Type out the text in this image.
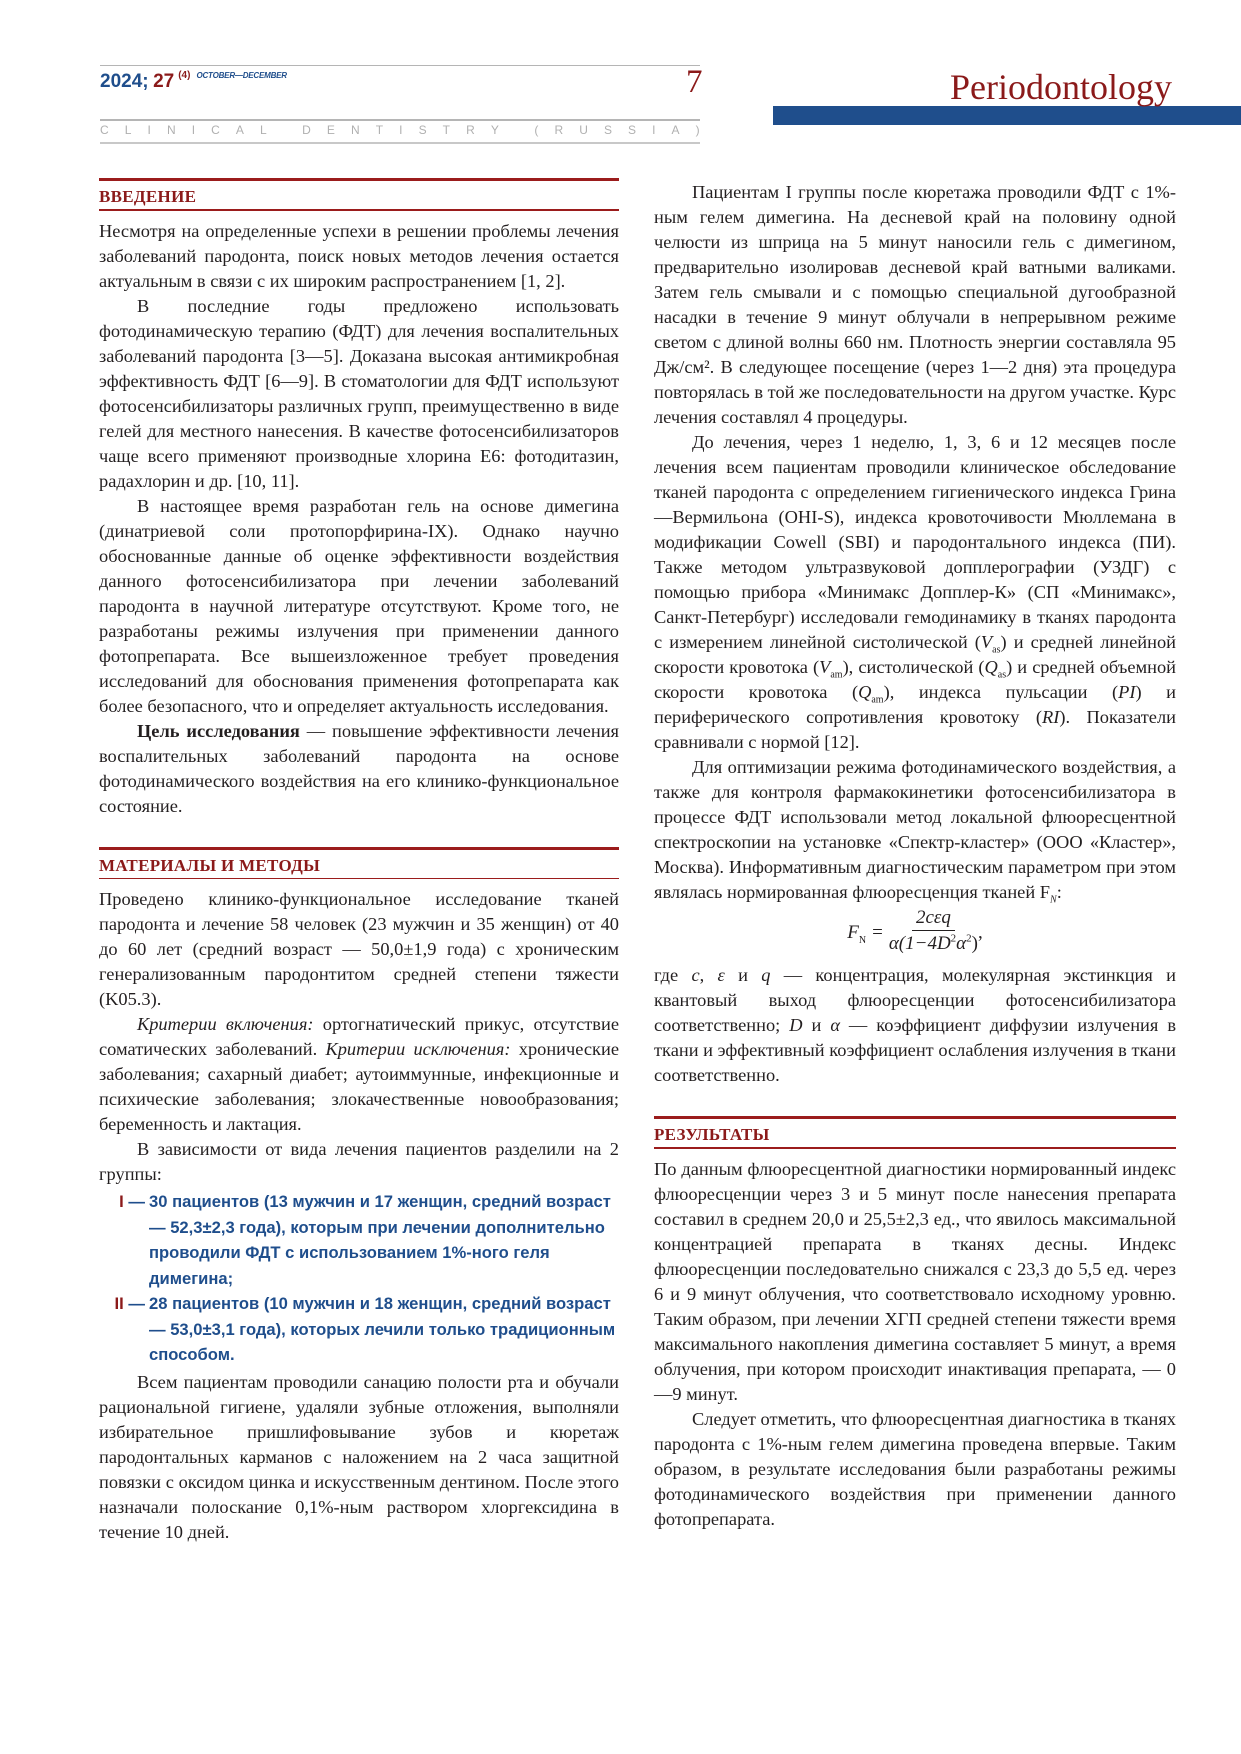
2024; 27 $^{(4)}$ $^{OCTOBER—DECEMBER}$	7
C L I N I C A L
	D E N T I S T R Y
	( R U S S I A )
Periodontology
ВВЕДЕНИЕ

Несмотря на определенные успехи в решении проблемы лечения заболеваний пародонта, поиск новых методов лечения остается актуальным в связи с их широким распространением [1, 2].

В последние годы предложено использовать фотодинамическую терапию (ФДТ) для лечения воспалительных заболеваний пародонта [3—5]. Доказана высокая антимикробная эффективность ФДТ [6—9]. В стоматологии для ФДТ используют фотосенсибилизаторы различных групп, преимущественно в виде гелей для местного нанесения. В качестве фотосенсибилизаторов чаще всего применяют производные хлорина E6: фотодитазин, радахлорин и др. [10, 11].

В настоящее время разработан гель на основе димегина (динатриевой соли протопорфирина-IX). Однако научно обоснованные данные об оценке эффективности воздействия данного фотосенсибилизатора при лечении заболеваний пародонта в научной литературе отсутствуют. Кроме того, не разработаны режимы излучения при применении данного фотопрепарата. Все вышеизложенное требует проведения исследований для обоснования применения фотопрепарата как более безопасного, что и определяет актуальность исследования.

Цель исследования — повышение эффективности лечения воспалительных заболеваний пародонта на основе фотодинамического воздействия на его клинико-функциональное состояние.

МАТЕРИАЛЫ И МЕТОДЫ

Проведено клинико-функциональное исследование тканей пародонта и лечение 58 человек (23 мужчин и 35 женщин) от 40 до 60 лет (средний возраст — 50,0±1,9 года) с хроническим генерализованным пародонтитом средней степени тяжести (K05.3).

Критерии включения: ортогнатический прикус, отсутствие соматических заболеваний. Критерии исключения: хронические заболевания; сахарный диабет; аутоиммунные, инфекционные и психические заболевания; злокачественные новообразования; беременность и лактация.

В зависимости от вида лечения пациентов разделили на 2 группы:

I — 30 пациентов (13 мужчин и 17 женщин, средний возраст — 52,3±2,3 года), которым при лечении дополнительно проводили ФДТ с использованием 1%-ного геля димегина;
II — 28 пациентов (10 мужчин и 18 женщин, средний возраст — 53,0±3,1 года), которых лечили только традиционным способом.

Всем пациентам проводили санацию полости рта и обучали рациональной гигиене, удаляли зубные отложения, выполняли избирательное пришлифовывание зубов и кюретаж пародонтальных карманов с наложением на 2 часа защитной повязки с оксидом цинка и искусственным дентином. После этого назначали полоскание 0,1%-ным раствором хлоргексидина в течение 10 дней.

Пациентам I группы после кюретажа проводили ФДТ с 1%-ным гелем димегина. На десневой край на половину одной челюсти из шприца на 5 минут наносили гель с димегином, предварительно изолировав десневой край ватными валиками. Затем гель смывали и с помощью специальной дугообразной насадки в течение 9 минут облучали в непрерывном режиме светом с длиной волны 660 нм. Плотность энергии составляла 95 Дж/см². В следующее посещение (через 1—2 дня) эта процедура повторялась в той же последовательности на другом участке. Курс лечения составлял 4 процедуры.

До лечения, через 1 неделю, 1, 3, 6 и 12 месяцев после лечения всем пациентам проводили клиническое обследование тканей пародонта с определением гигиенического индекса Грина—Вермильона (OHI-S), индекса кровоточивости Мюллемана в модификации Cowell (SBI) и пародонтального индекса (ПИ). Также методом ультразвуковой допплерографии (УЗДГ) с помощью прибора «Минимакс Допплер-К» (СП «Минимакс», Санкт-Петербург) исследовали гемодинамику в тканях пародонта с измерением линейной систолической $(V_{as})$ и средней линейной скорости кровотока $(V_{am})$, систолической $(Q_{as})$ и средней объемной скорости кровотока $(Q_{am})$, индекса пульсации (PI) и периферического сопротивления кровотоку (RI). Показатели сравнивали с нормой [12].

Для оптимизации режима фотодинамического воздействия, а также для контроля фармакокинетики фотосенсибилизатора в процессе ФДТ использовали метод локальной флюоресцентной спектроскопии на установке «Спектр-кластер» (ООО «Кластер», Москва). Информативным диагностическим параметром при этом являлась нормированная флюоресценция тканей $F_N$:

$F_N = \frac{\text{2cεq}}{\alpha(1-4D^2\alpha^2)}$ ,

где c, ε и q — концентрация, молекулярная экстинкция и квантовый выход флюоресценции фотосенсибилизатора соответственно; D и α — коэффициент диффузии излучения в ткани и эффективный коэффициент ослабления излучения в ткани соответственно.

РЕЗУЛЬТАТЫ

По данным флюоресцентной диагностики нормированный индекс флюоресценции через 3 и 5 минут после нанесения препарата составил в среднем 20,0 и 25,5±2,3 ед., что явилось максимальной концентрацией препарата в тканях десны. Индекс флюоресценции последовательно снижался с 23,3 до 5,5 ед. через 6 и 9 минут облучения, что соответствовало исходному уровню. Таким образом, при лечении ХГП средней степени тяжести время максимального накопления димегина составляет 5 минут, а время облучения, при котором происходит инактивация препарата, — 0—9 минут.

Следует отметить, что флюоресцентная диагностика в тканях пародонта с 1%-ным гелем димегина проведена впервые. Таким образом, в результате исследования были разработаны режимы фотодинамического воздействия при применении данного фотопрепарата.
